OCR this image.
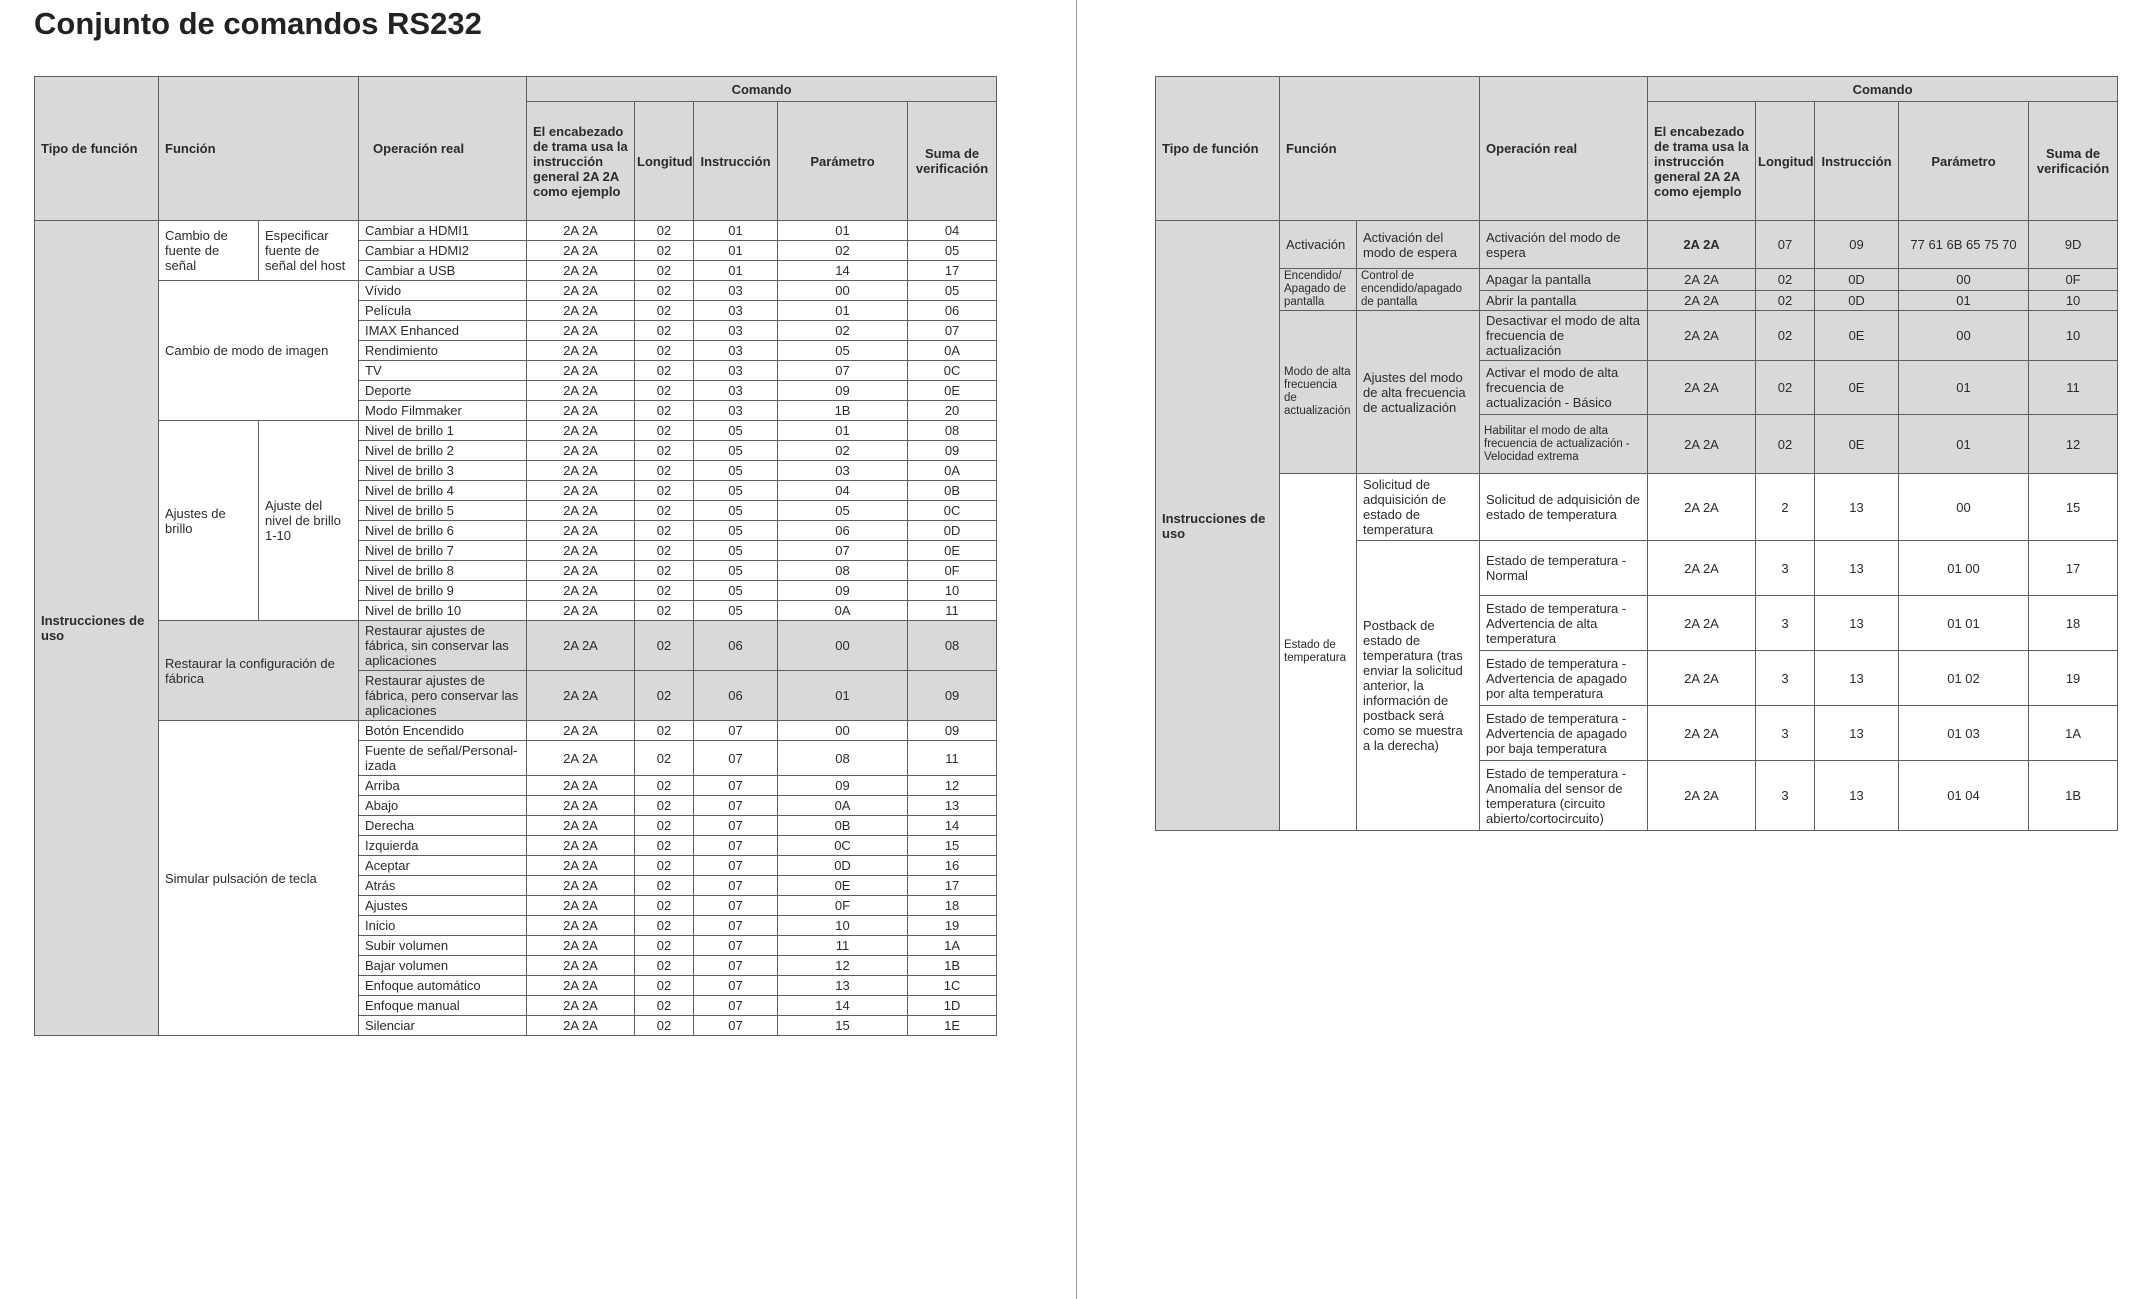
Conjunto de comandos RS232
Tipo de función	Función		Operación real	Comando				
				El encabezado de trama usa la instrucción general 2A 2A como ejemplo	Longitud	Instrucción	Parámetro	Suma de verificación
Instrucciones de uso	Cambio de fuente de señal	Especificar fuente de señal del host	Cambiar a HDMI1	2A 2A	02	01	01	04
			Cambiar a HDMI2	2A 2A	02	01	02	05
			Cambiar a USB	2A 2A	02	01	14	17
	Cambio de modo de imagen		Vívido	2A 2A	02	03	00	05
			Película	2A 2A	02	03	01	06
			IMAX Enhanced	2A 2A	02	03	02	07
			Rendimiento	2A 2A	02	03	05	0A
			TV	2A 2A	02	03	07	0C
			Deporte	2A 2A	02	03	09	0E
			Modo Filmmaker	2A 2A	02	03	1B	20
	Ajustes de brillo	Ajuste del nivel de brillo 1-10	Nivel de brillo 1	2A 2A	02	05	01	08
			Nivel de brillo 2	2A 2A	02	05	02	09
			Nivel de brillo 3	2A 2A	02	05	03	0A
			Nivel de brillo 4	2A 2A	02	05	04	0B
			Nivel de brillo 5	2A 2A	02	05	05	0C
			Nivel de brillo 6	2A 2A	02	05	06	0D
			Nivel de brillo 7	2A 2A	02	05	07	0E
			Nivel de brillo 8	2A 2A	02	05	08	0F
			Nivel de brillo 9	2A 2A	02	05	09	10
			Nivel de brillo 10	2A 2A	02	05	0A	11
	Restaurar la configuración de fábrica		Restaurar ajustes de fábrica, sin conservar las aplicaciones	2A 2A	02	06	00	08
			Restaurar ajustes de fábrica, pero conservar las aplicaciones	2A 2A	02	06	01	09
	Simular pulsación de tecla		Botón Encendido	2A 2A	02	07	00	09
			Fuente de señal/Personal-izada	2A 2A	02	07	08	11
			Arriba	2A 2A	02	07	09	12
			Abajo	2A 2A	02	07	0A	13
			Derecha	2A 2A	02	07	0B	14
			Izquierda	2A 2A	02	07	0C	15
			Aceptar	2A 2A	02	07	0D	16
			Atrás	2A 2A	02	07	0E	17
			Ajustes	2A 2A	02	07	0F	18
			Inicio	2A 2A	02	07	10	19
			Subir volumen	2A 2A	02	07	11	1A
			Bajar volumen	2A 2A	02	07	12	1B
			Enfoque automático	2A 2A	02	07	13	1C
			Enfoque manual	2A 2A	02	07	14	1D
			Silenciar	2A 2A	02	07	15	1E
Tipo de función	Función		Operación real	Comando				
				El encabezado de trama usa la instrucción general 2A 2A como ejemplo	Longitud	Instrucción	Parámetro	Suma de verificación
Instrucciones de uso	Activación	Activación del modo de espera	Activación del modo de espera	2A 2A	07	09	77 61 6B 65 75 70	9D
	Encendido/ Apagado de pantalla	Control de encendido/apagado de pantalla	Apagar la pantalla	2A 2A	02	0D	00	0F
			Abrir la pantalla	2A 2A	02	0D	01	10
	Modo de alta frecuencia de actualización	Ajustes del modo de alta frecuencia de actualización	Desactivar el modo de alta frecuencia de actualización	2A 2A	02	0E	00	10
			Activar el modo de alta frecuencia de actualización - Básico	2A 2A	02	0E	01	11
			Habilitar el modo de alta frecuencia de actualización - Velocidad extrema	2A 2A	02	0E	01	12
	Estado de temperatura	Solicitud de adquisición de estado de temperatura	Solicitud de adquisición de estado de temperatura	2A 2A	2	13	00	15
		Postback de estado de temperatura (tras enviar la solicitud anterior, la información de postback será como se muestra a la derecha)	Estado de temperatura - Normal	2A 2A	3	13	01 00	17
			Estado de temperatura - Advertencia de alta temperatura	2A 2A	3	13	01 01	18
			Estado de temperatura - Advertencia de apagado por alta temperatura	2A 2A	3	13	01 02	19
			Estado de temperatura - Advertencia de apagado por baja temperatura	2A 2A	3	13	01 03	1A
			Estado de temperatura - Anomalía del sensor de temperatura (circuito abierto/cortocircuito)	2A 2A	3	13	01 04	1B
